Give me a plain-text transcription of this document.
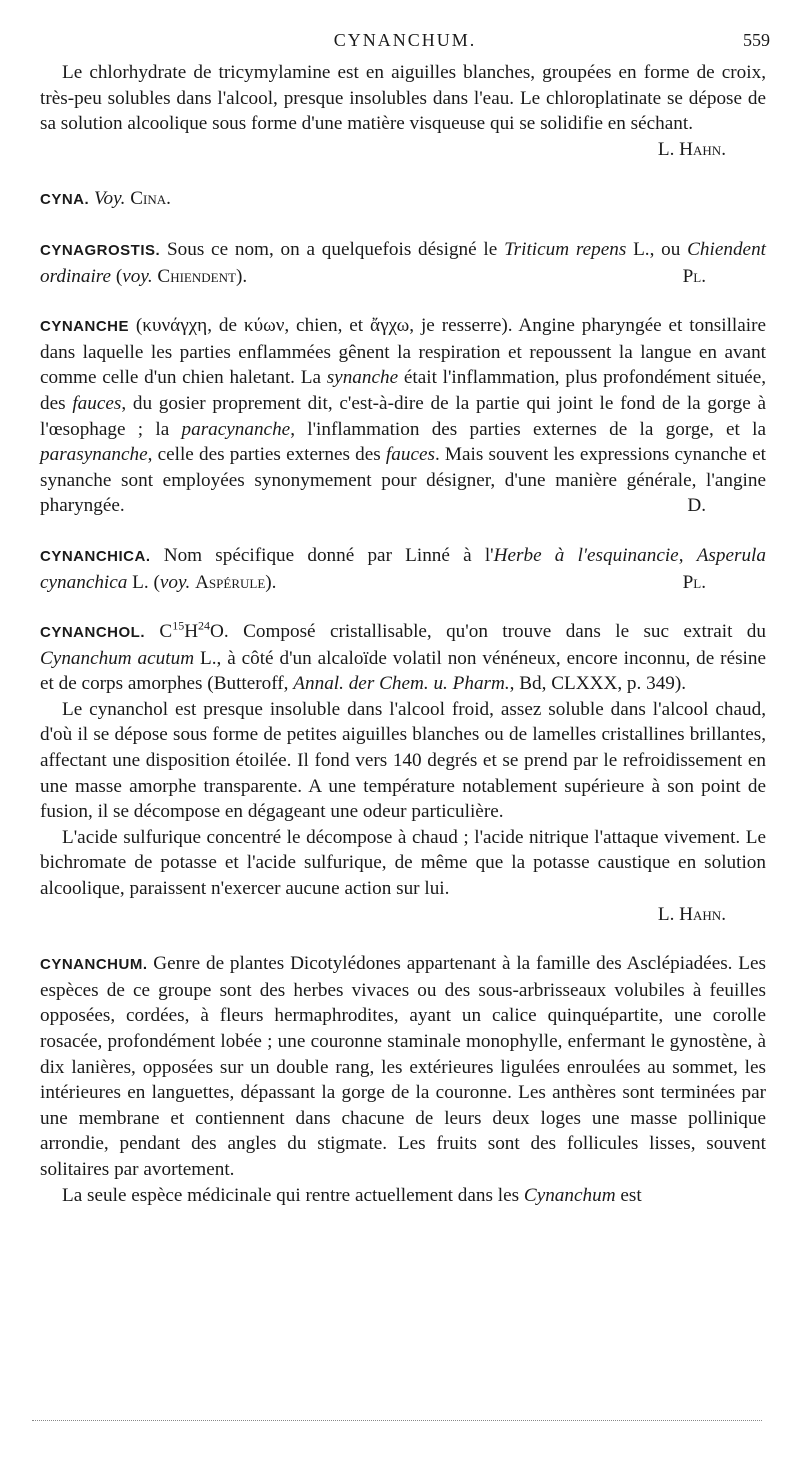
CYNANCHUM.	559

Le chlorhydrate de tricymylamine est en aiguilles blanches, groupées en forme de croix, très-peu solubles dans l'alcool, presque insolubles dans l'eau. Le chloroplatinate se dépose de sa solution alcoolique sous forme d'une matière visqueuse qui se solidifie en séchant.

L. Hahn.

CYNA. Voy. Cina.

CYNAGROSTIS. Sous ce nom, on a quelquefois désigné le Triticum repens L., ou Chiendent ordinaire (voy. Chiendent).	Pl.

CYNANCHE (κυνάγχη, de κύων, chien, et ἄγχω, je resserre). Angine pharyngée et tonsillaire dans laquelle les parties enflammées gênent la respiration et repoussent la langue en avant comme celle d'un chien haletant. La synanche était l'inflammation, plus profondément située, des fauces, du gosier proprement dit, c'est-à-dire de la partie qui joint le fond de la gorge à l'œsophage ; la paracynanche, l'inflammation des parties externes de la gorge, et la parasynanche, celle des parties externes des fauces. Mais souvent les expressions cynanche et synanche sont employées synonymement pour désigner, d'une manière générale, l'angine pharyngée.	D.

CYNANCHICA. Nom spécifique donné par Linné à l'Herbe à l'esquinancie, Asperula cynanchica L. (voy. Aspérule).	Pl.

CYNANCHOL. $C^{15}H^{24}O$. Composé cristallisable, qu'on trouve dans le suc extrait du Cynanchum acutum L., à côté d'un alcaloïde volatil non vénéneux, encore inconnu, de résine et de corps amorphes (Butteroff, Annal. der Chem. u. Pharm., Bd, CLXXX, p. 349).

Le cynanchol est presque insoluble dans l'alcool froid, assez soluble dans l'alcool chaud, d'où il se dépose sous forme de petites aiguilles blanches ou de lamelles cristallines brillantes, affectant une disposition étoilée. Il fond vers 140 degrés et se prend par le refroidissement en une masse amorphe transparente. A une température notablement supérieure à son point de fusion, il se décompose en dégageant une odeur particulière.

L'acide sulfurique concentré le décompose à chaud ; l'acide nitrique l'attaque vivement. Le bichromate de potasse et l'acide sulfurique, de même que la potasse caustique en solution alcoolique, paraissent n'exercer aucune action sur lui.

L. Hahn.

CYNANCHUM. Genre de plantes Dicotylédones appartenant à la famille des Asclépiadées. Les espèces de ce groupe sont des herbes vivaces ou des sous-arbrisseaux volubiles à feuilles opposées, cordées, à fleurs hermaphrodites, ayant un calice quinquépartite, une corolle rosacée, profondément lobée ; une couronne staminale monophylle, enfermant le gynostène, à dix lanières, opposées sur un double rang, les extérieures ligulées enroulées au sommet, les intérieures en languettes, dépassant la gorge de la couronne. Les anthères sont terminées par une membrane et contiennent dans chacune de leurs deux loges une masse pollinique arrondie, pendant des angles du stigmate. Les fruits sont des follicules lisses, souvent solitaires par avortement.

La seule espèce médicinale qui rentre actuellement dans les Cynanchum est
